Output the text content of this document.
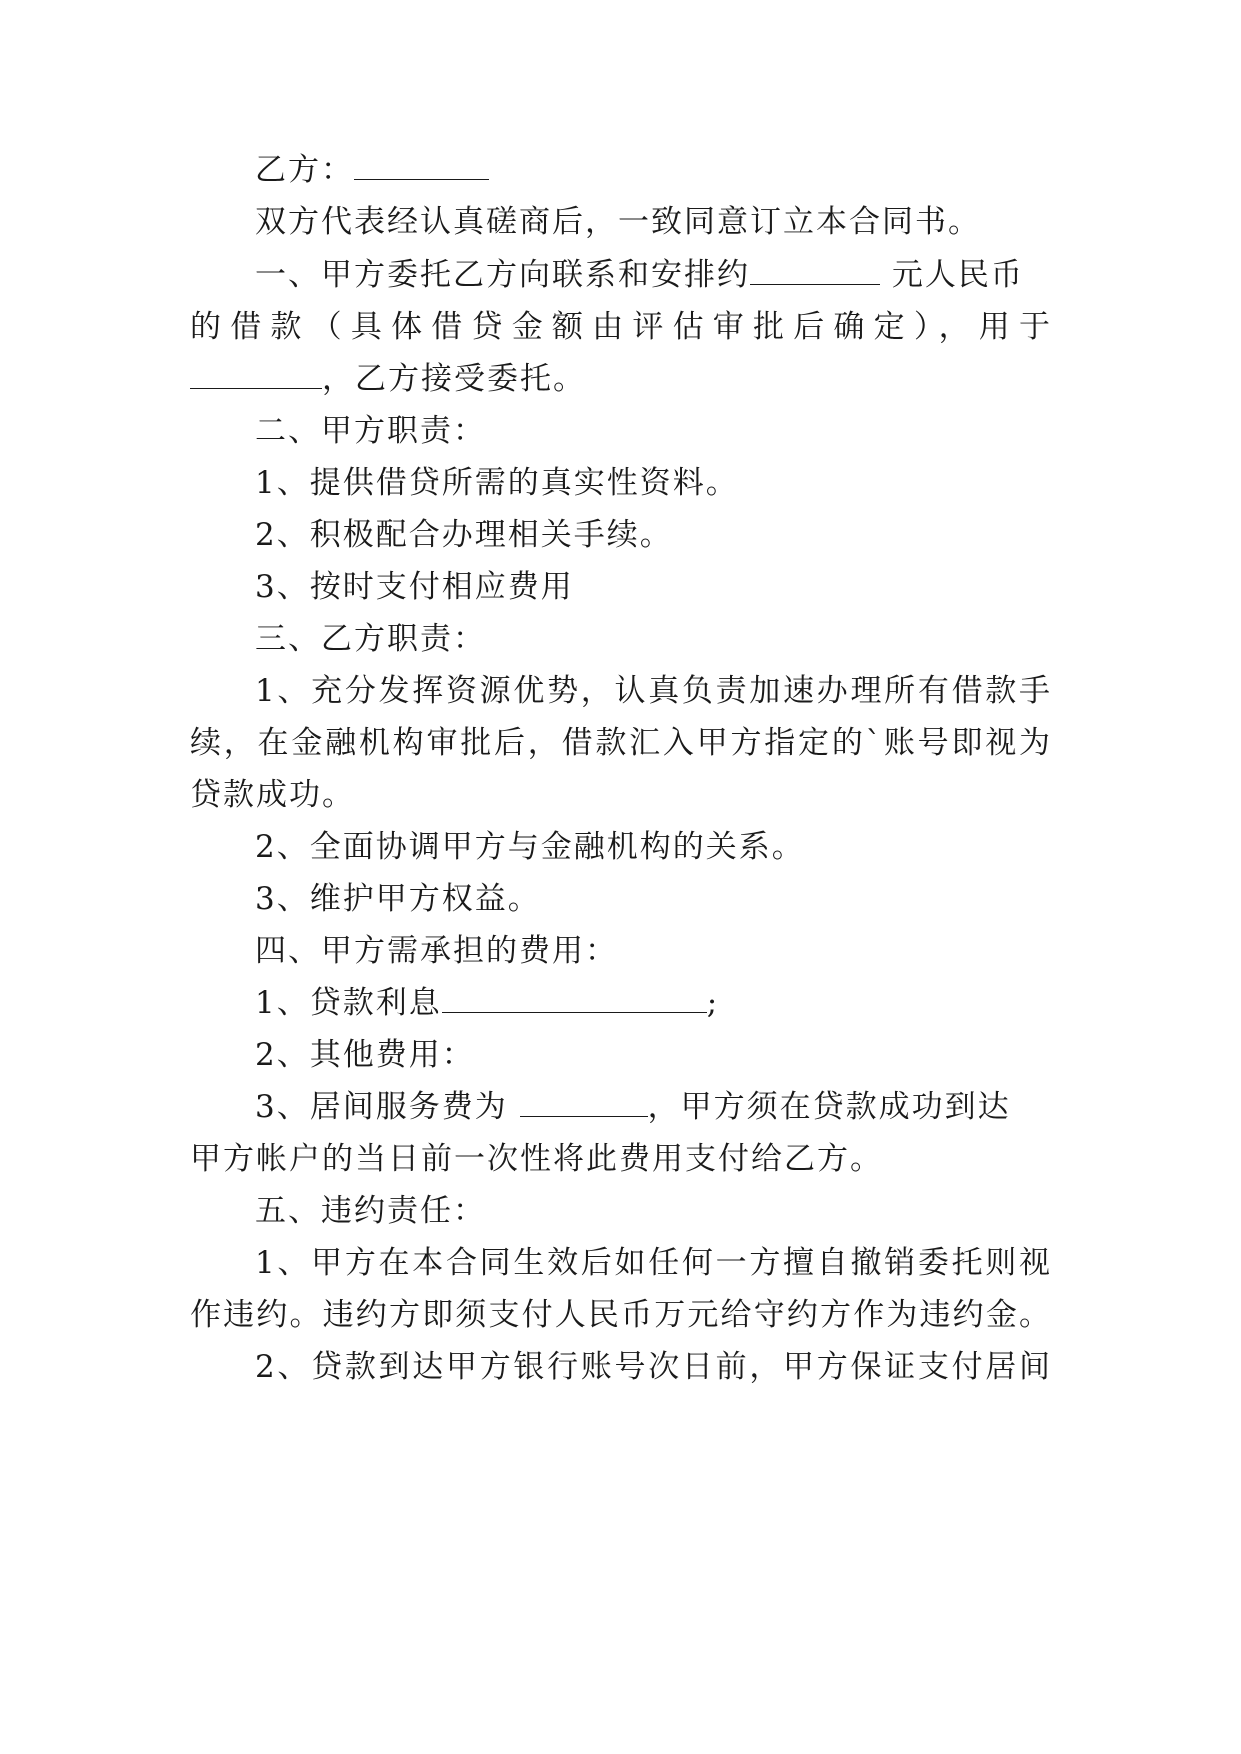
乙方：
双方代表经认真磋商后，一致同意订立本合同书。
一、甲方委托乙方向联系和安排约	元人民币
的借款（具体借贷金额由评估审批后确定），用于
，乙方接受委托。
二、甲方职责：
1、提供借贷所需的真实性资料。
2、积极配合办理相关手续。
3、按时支付相应费用
三、乙方职责：
1、充分发挥资源优势，认真负责加速办理所有借款手
续，在金融机构审批后，借款汇入甲方指定的`账号即视为
贷款成功。
2、全面协调甲方与金融机构的关系。
3、维护甲方权益。
四、甲方需承担的费用：
1、贷款利息	;
2、其他费用：
3、居间服务费为	，甲方须在贷款成功到达
甲方帐户的当日前一次性将此费用支付给乙方。
五、违约责任：
1、甲方在本合同生效后如任何一方擅自撤销委托则视
作违约。违约方即须支付人民币万元给守约方作为违约金。
2、贷款到达甲方银行账号次日前，甲方保证支付居间
